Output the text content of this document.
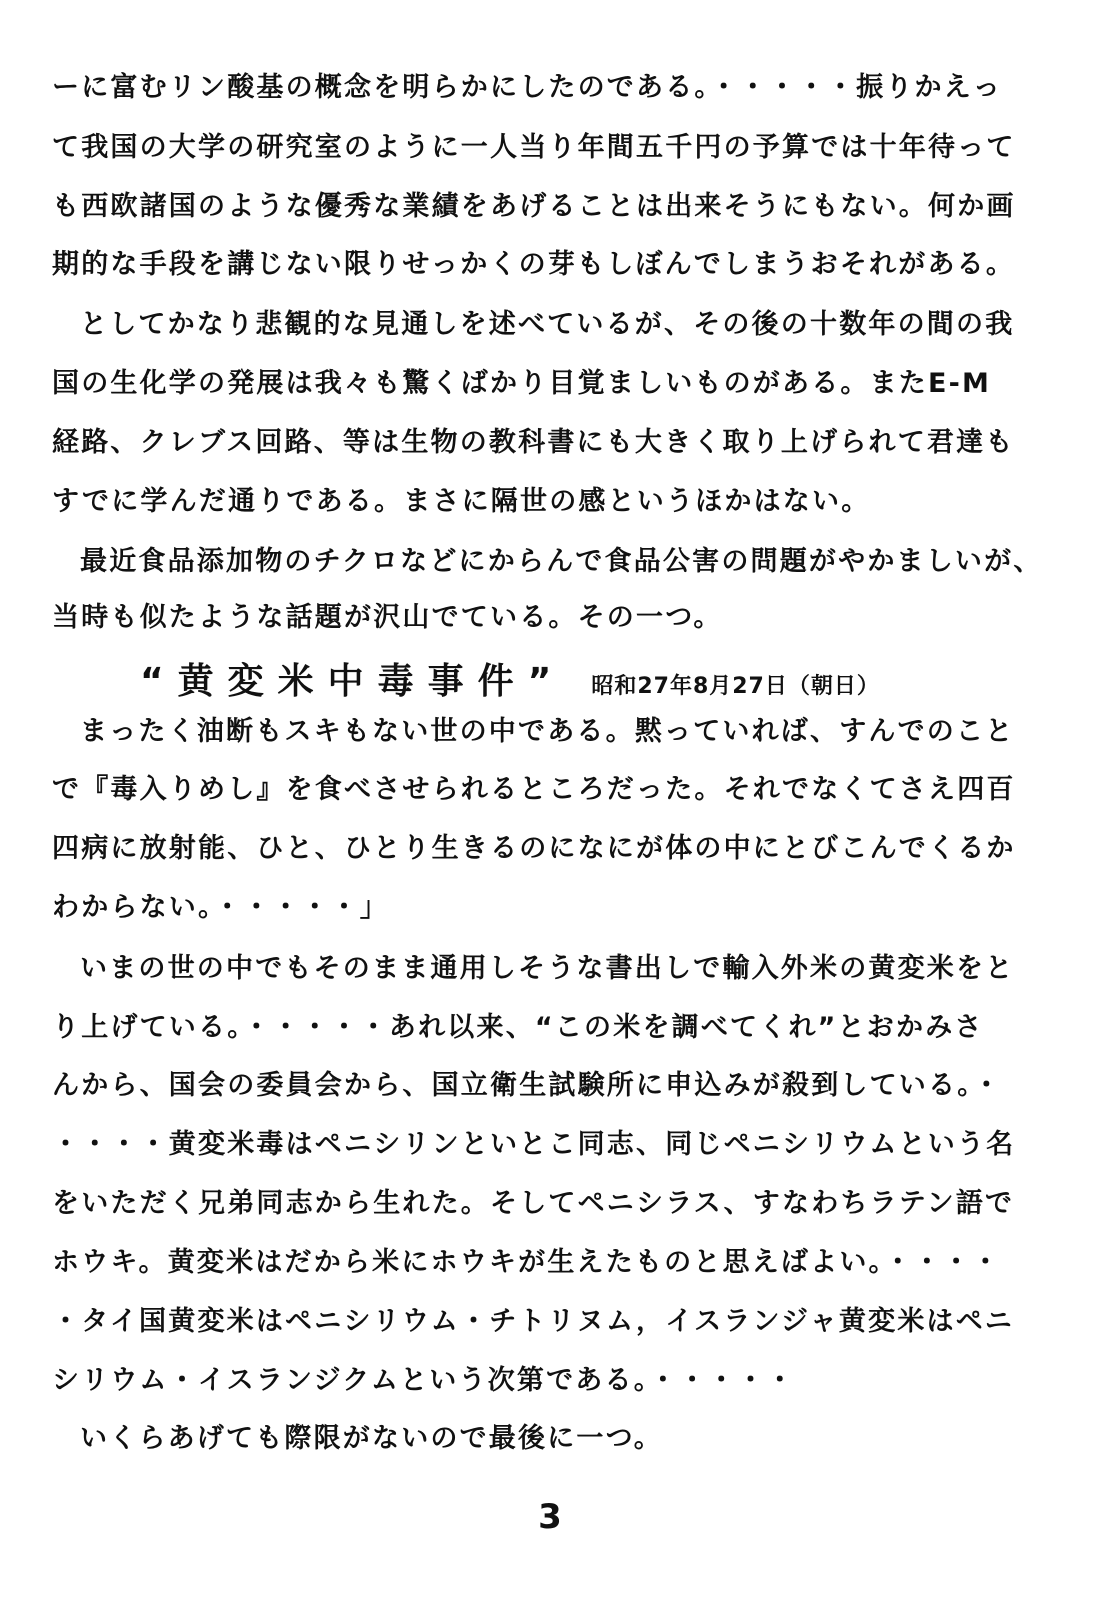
ーに富むリン酸基の概念を明らかにしたのである。・・・・・振りかえっ
て我国の大学の研究室のように一人当り年間五千円の予算では十年待って
も西欧諸国のような優秀な業績をあげることは出来そうにもない。何か画
期的な手段を講じない限りせっかくの芽もしぼんでしまうおそれがある。
としてかなり悲観的な見通しを述べているが、その後の十数年の間の我
国の生化学の発展は我々も驚くばかり目覚ましいものがある。またE-M
経路、クレブス回路、等は生物の教科書にも大きく取り上げられて君達も
すでに学んだ通りである。まさに隔世の感というほかはない。
最近食品添加物のチクロなどにからんで食品公害の問題がやかましいが、
当時も似たような話題が沢山でている。その一つ。
“黄変米中毒事件” 昭和27年8月27日（朝日）
まったく油断もスキもない世の中である。黙っていれば、すんでのこと
で『毒入りめし』を食べさせられるところだった。それでなくてさえ四百
四病に放射能、ひと、ひとり生きるのになにが体の中にとびこんでくるか
わからない。・・・・・」
いまの世の中でもそのまま通用しそうな書出しで輸入外米の黄変米をと
り上げている。・・・・・あれ以来、“この米を調べてくれ”とおかみさ
んから、国会の委員会から、国立衛生試験所に申込みが殺到している。・
・・・・黄変米毒はペニシリンといとこ同志、同じペニシリウムという名
をいただく兄弟同志から生れた。そしてペニシラス、すなわちラテン語で
ホウキ。黄変米はだから米にホウキが生えたものと思えばよい。・・・・
・タイ国黄変米はペニシリウム・チトリヌム，イスランジャ黄変米はペニ
シリウム・イスランジクムという次第である。・・・・・
いくらあげても際限がないので最後に一つ。
3
